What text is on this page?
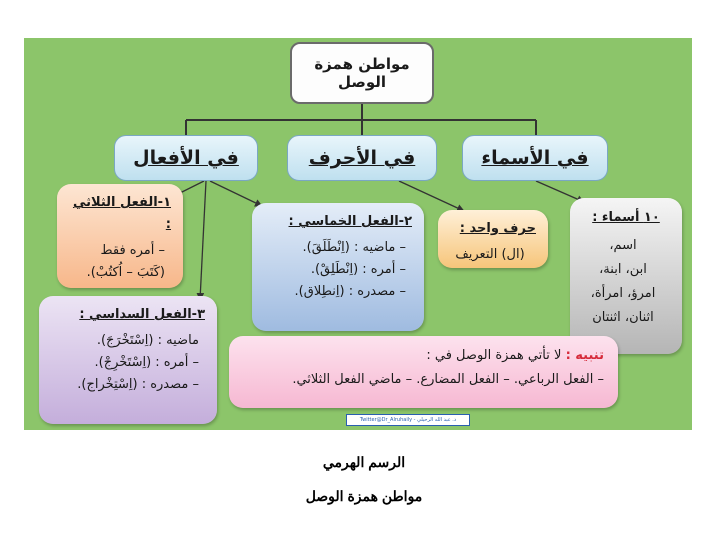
مواطن همزة الوصل
في الأفعال	في الأحرف	في الأسماء
١-الفعل الثلاثي :
– أمره فقط
(كَتَبَ – اُكتُبْ).
٢-الفعل الخماسي :
– ماضيه : (اِنْطَلَقَ).
– أمره : (اِنْطَلِقْ).
– مصدره : (اِنطِلاق).
حرف واحد :
(ال) التعريف
١٠ أسماء :
اسم،
ابن، ابنة،
امرؤ، امرأة،
اثنان، اثنتان
٣-الفعل السداسي :
ماضيه : (اِسْتَخْرَجَ).
– أمره : (اِسْتَخْرِجْ).
– مصدره : (اِسْتِخْراج).
تنبيه : لا تأتي همزة الوصل في :
– الفعل الرباعي. – الفعل المضارع. – ماضي الفعل الثلاثي.
د. عبد الله الرحيلي - Twitter@Dr_Alruhaily
الرسم الهرمي
مواطن همزة الوصل
